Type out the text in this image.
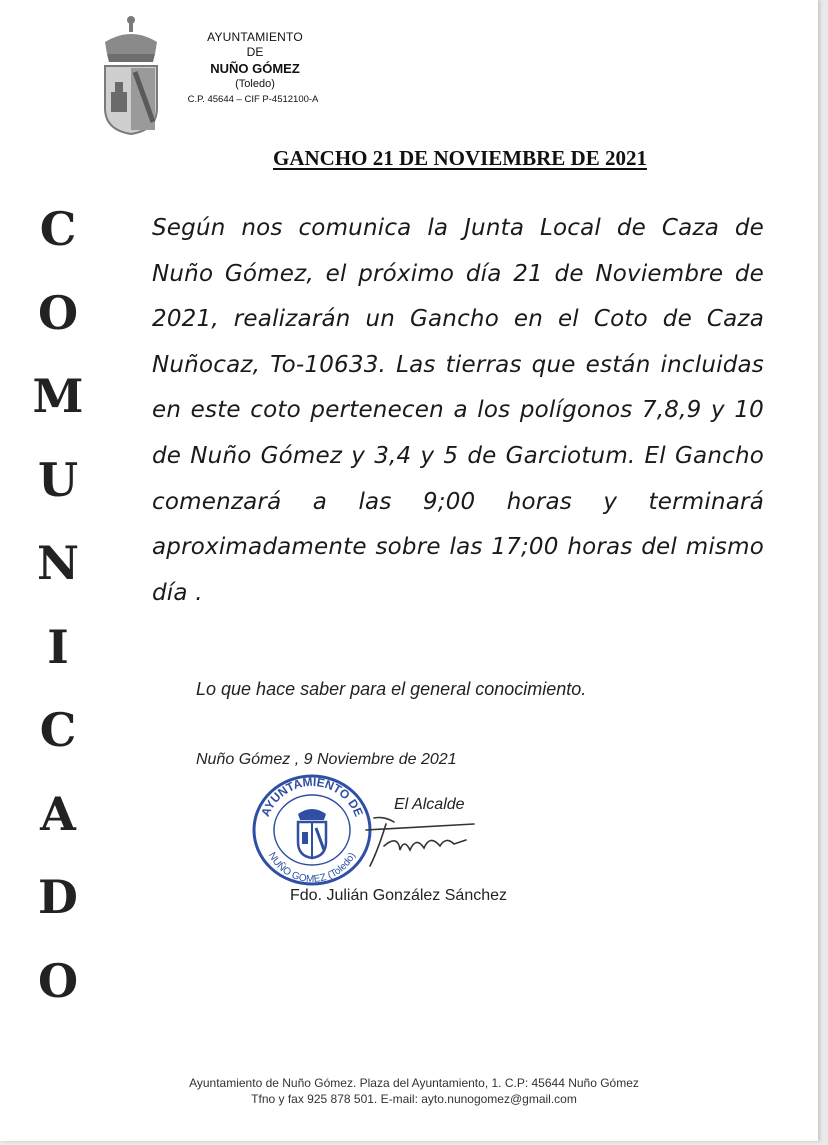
AYUNTAMIENTO
DE
NUÑO GÓMEZ
(Toledo)
C.P. 45644 – CIF P-4512100-A
GANCHO 21 DE NOVIEMBRE DE 2021
C
O
M
U
N
I
C
A
D
O
Según nos comunica la Junta Local de Caza de Nuño Gómez, el próximo día 21 de Noviembre de 2021, realizarán un Gancho en el Coto de Caza Nuñocaz, To-10633. Las tierras que están incluidas en este coto pertenecen a los polígonos 7,8,9 y 10 de Nuño Gómez y 3,4 y 5 de Garciotum. El Gancho comenzará a las 9;00 horas y terminará aproximadamente sobre las 17;00 horas del mismo día .
Lo que hace saber para el general conocimiento.
Nuño Gómez , 9 Noviembre de 2021
AYUNTAMIENTO DE
NUÑO GOMEZ (Toledo)
El Alcalde
Fdo. Julián González Sánchez
Ayuntamiento de Nuño Gómez. Plaza del Ayuntamiento, 1. C.P: 45644 Nuño Gómez
Tfno y fax 925 878 501. E-mail: ayto.nunogomez@gmail.com
